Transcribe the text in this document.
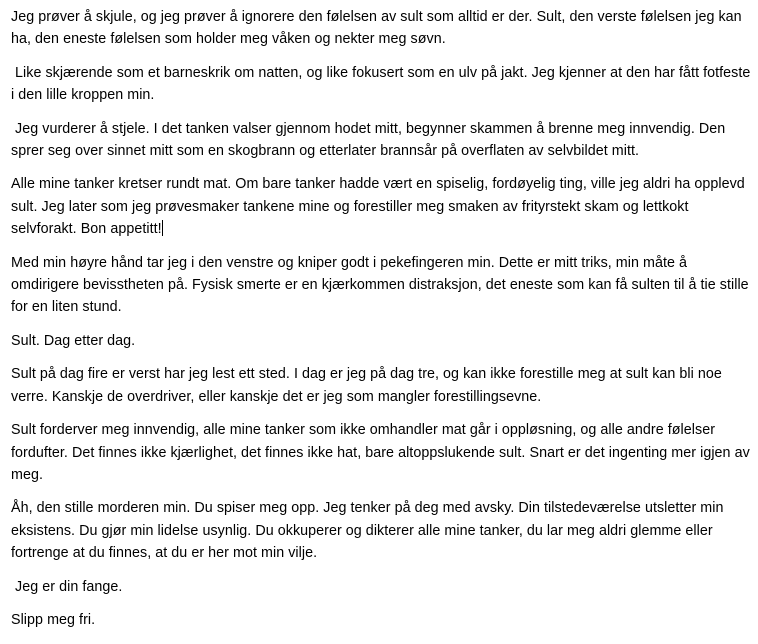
Jeg prøver å skjule, og jeg prøver å ignorere den følelsen av sult som alltid er der. Sult, den verste følelsen jeg kan ha, den eneste følelsen som holder meg våken og nekter meg søvn.

Like skjærende som et barneskrik om natten, og like fokusert som en ulv på jakt. Jeg kjenner at den har fått fotfeste i den lille kroppen min.

Jeg vurderer å stjele. I det tanken valser gjennom hodet mitt, begynner skammen å brenne meg innvendig. Den sprer seg over sinnet mitt som en skogbrann og etterlater brannsår på overflaten av selvbildet mitt.

Alle mine tanker kretser rundt mat. Om bare tanker hadde vært en spiselig, fordøyelig ting, ville jeg aldri ha opplevd sult. Jeg later som jeg prøvesmaker tankene mine og forestiller meg smaken av frityrstekt skam og lettkokt selvforakt. Bon appetitt!

Med min høyre hånd tar jeg i den venstre og kniper godt i pekefingeren min. Dette er mitt triks, min måte å omdirigere bevisstheten på. Fysisk smerte er en kjærkommen distraksjon, det eneste som kan få sulten til å tie stille for en liten stund.

Sult. Dag etter dag.

Sult på dag fire er verst har jeg lest ett sted. I dag er jeg på dag tre, og kan ikke forestille meg at sult kan bli noe verre. Kanskje de overdriver, eller kanskje det er jeg som mangler forestillingsevne.

Sult forderver meg innvendig, alle mine tanker som ikke omhandler mat går i oppløsning, og alle andre følelser fordufter. Det finnes ikke kjærlighet, det finnes ikke hat, bare altoppslukende sult. Snart er det ingenting mer igjen av meg.

Åh, den stille morderen min. Du spiser meg opp. Jeg tenker på deg med avsky. Din tilstedeværelse utsletter min eksistens. Du gjør min lidelse usynlig. Du okkuperer og dikterer alle mine tanker, du lar meg aldri glemme eller fortrenge at du finnes, at du er her mot min vilje.

Jeg er din fange.

Slipp meg fri.
